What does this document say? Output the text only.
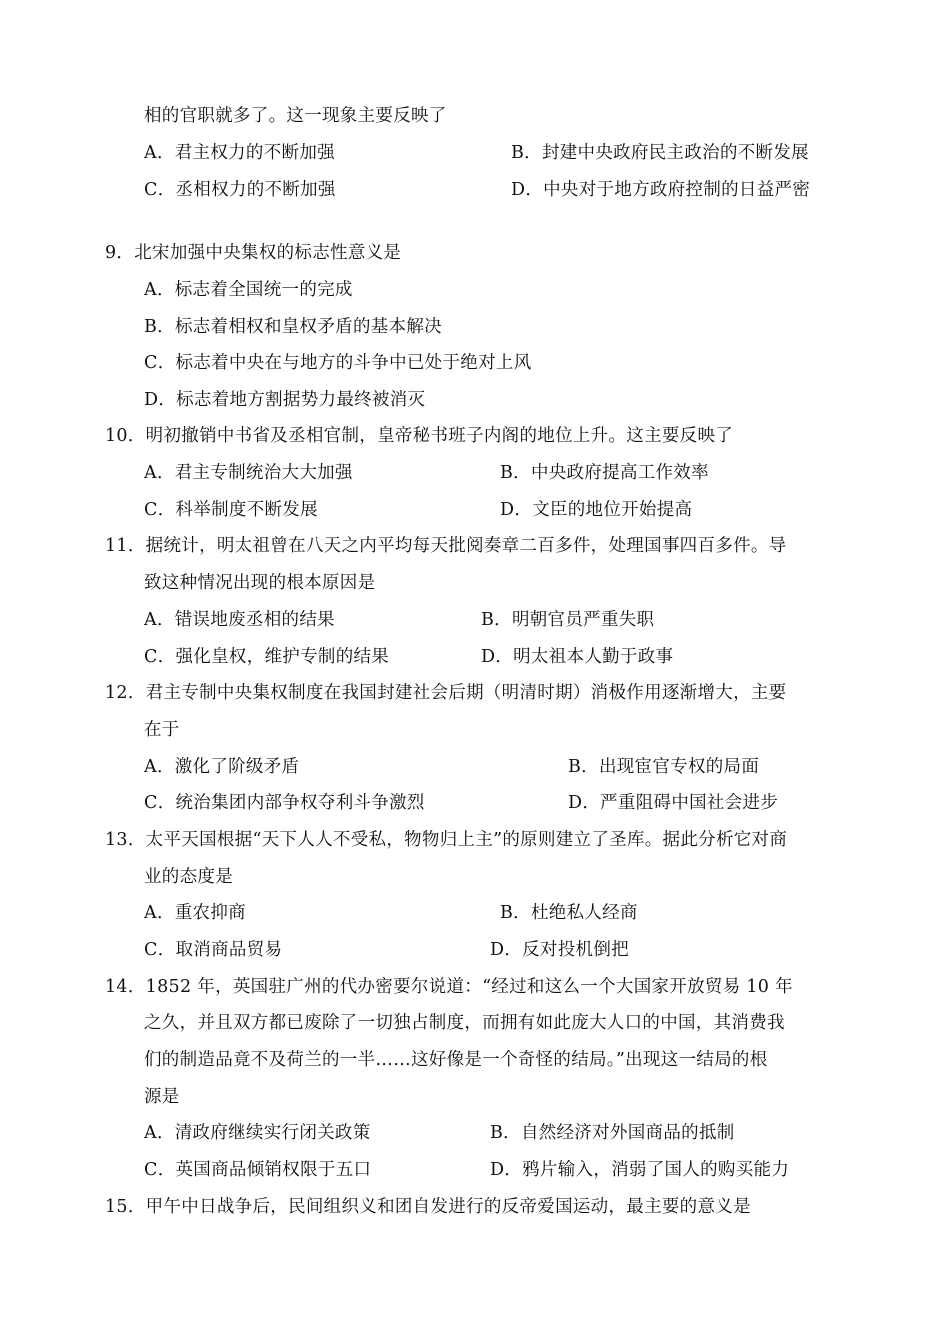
相的官职就多了。这一现象主要反映了
A．君主权力的不断加强	B．封建中央政府民主政治的不断发展
C．丞相权力的不断加强	D．中央对于地方政府控制的日益严密
9．北宋加强中央集权的标志性意义是
A．标志着全国统一的完成
B．标志着相权和皇权矛盾的基本解决
C．标志着中央在与地方的斗争中已处于绝对上风
D．标志着地方割据势力最终被消灭
10．明初撤销中书省及丞相官制，皇帝秘书班子内阁的地位上升。这主要反映了
A．君主专制统治大大加强	B．中央政府提高工作效率
C．科举制度不断发展	D．文臣的地位开始提高
11．据统计，明太祖曾在八天之内平均每天批阅奏章二百多件，处理国事四百多件。导
致这种情况出现的根本原因是
A．错误地废丞相的结果	B．明朝官员严重失职
C．强化皇权，维护专制的结果	D．明太祖本人勤于政事
12．君主专制中央集权制度在我国封建社会后期（明清时期）消极作用逐渐增大，主要
在于
A．激化了阶级矛盾	B．出现宦官专权的局面
C．统治集团内部争权夺利斗争激烈	D．严重阻碍中国社会进步
13．太平天国根据“天下人人不受私，物物归上主”的原则建立了圣库。据此分析它对商
业的态度是
A．重农抑商	B．杜绝私人经商
C．取消商品贸易	D．反对投机倒把
14．1852 年，英国驻广州的代办密要尔说道：“经过和这么一个大国家开放贸易 10 年
之久，并且双方都已废除了一切独占制度，而拥有如此庞大人口的中国，其消费我
们的制造品竟不及荷兰的一半……这好像是一个奇怪的结局。”出现这一结局的根
源是
A．清政府继续实行闭关政策	B．自然经济对外国商品的抵制
C．英国商品倾销权限于五口	D．鸦片输入，消弱了国人的购买能力
15．甲午中日战争后，民间组织义和团自发进行的反帝爱国运动，最主要的意义是
